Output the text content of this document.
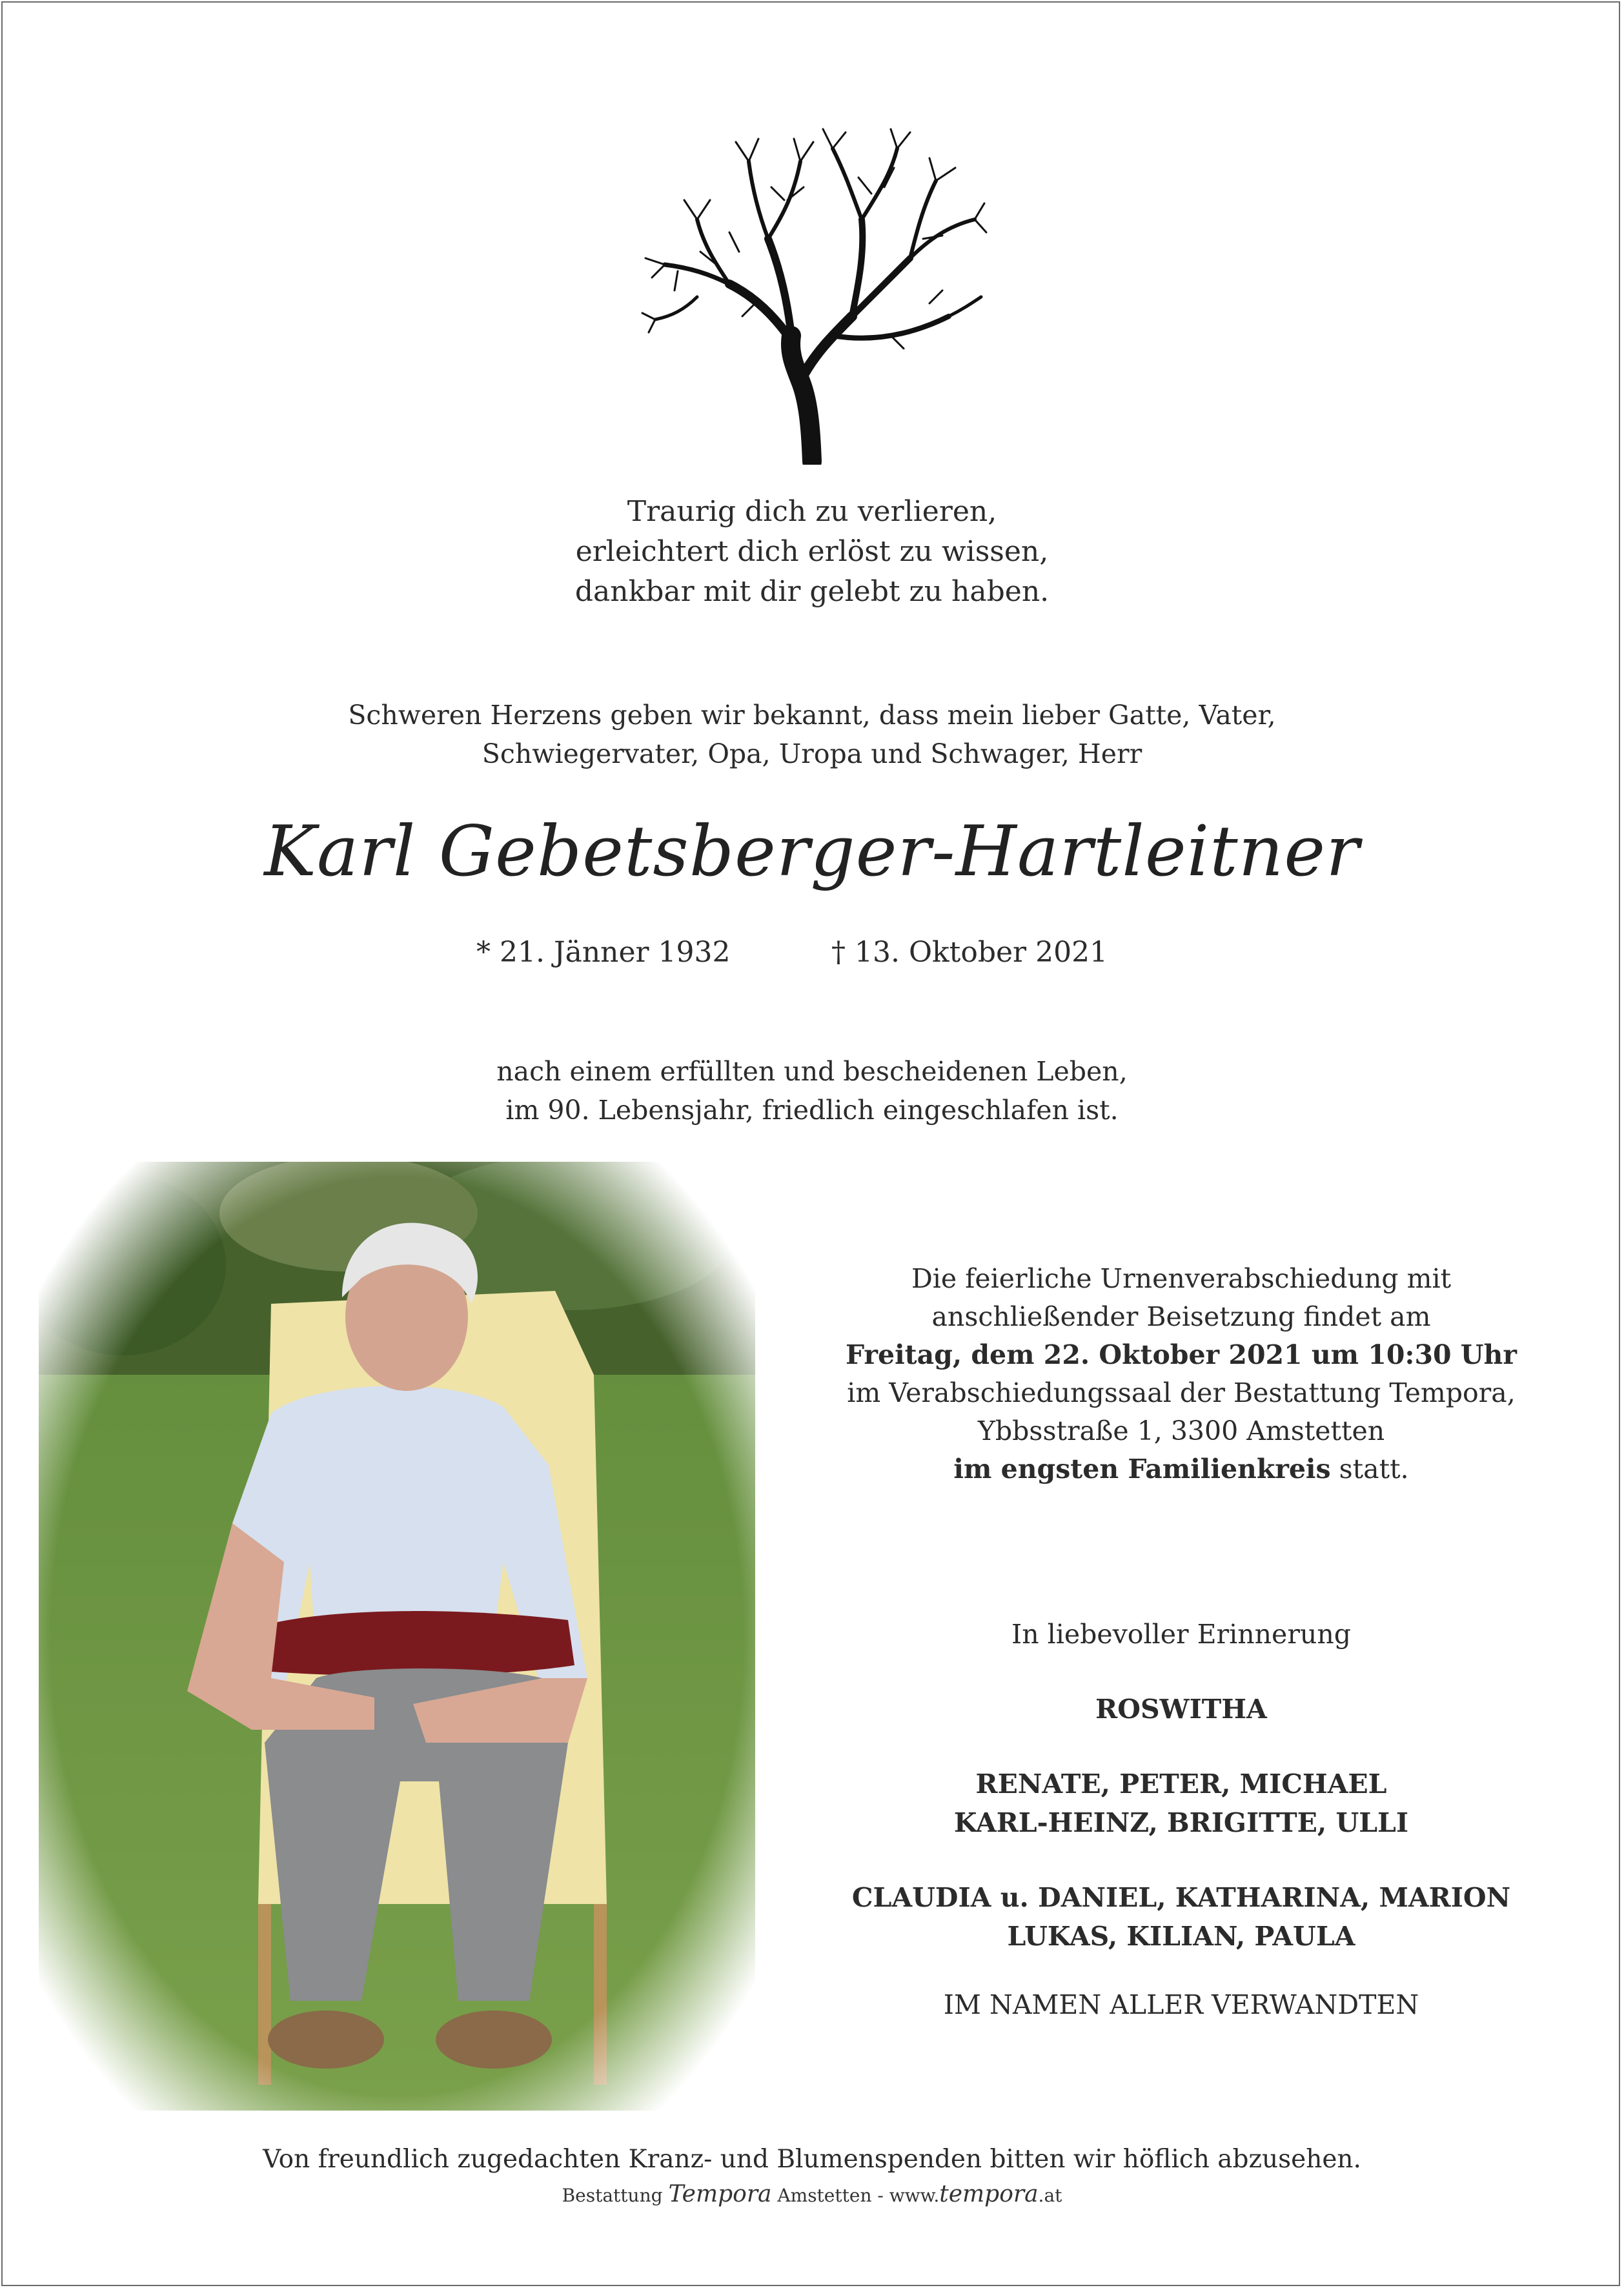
Traurig dich zu verlieren,
erleichtert dich erlöst zu wissen,
dankbar mit dir gelebt zu haben.
Schweren Herzens geben wir bekannt, dass mein lieber Gatte, Vater,
Schwiegervater, Opa, Uropa und Schwager, Herr
Karl Gebetsberger-Hartleitner
* 21. Jänner 1932	† 13. Oktober 2021
nach einem erfüllten und bescheidenen Leben,
im 90. Lebensjahr, friedlich eingeschlafen ist.
Die feierliche Urnenverabschiedung mit
anschließender Beisetzung findet am
Freitag, dem 22. Oktober 2021 um 10:30 Uhr
im Verabschiedungssaal der Bestattung Tempora,
Ybbsstraße 1, 3300 Amstetten
im engsten Familienkreis statt.
In liebevoller Erinnerung
ROSWITHA
RENATE, PETER, MICHAEL
KARL-HEINZ, BRIGITTE, ULLI
CLAUDIA u. DANIEL, KATHARINA, MARION
LUKAS, KILIAN, PAULA
IM NAMEN ALLER VERWANDTEN
Von freundlich zugedachten Kranz- und Blumenspenden bitten wir höflich abzusehen.
Bestattung Tempora Amstetten - www.tempora.at
